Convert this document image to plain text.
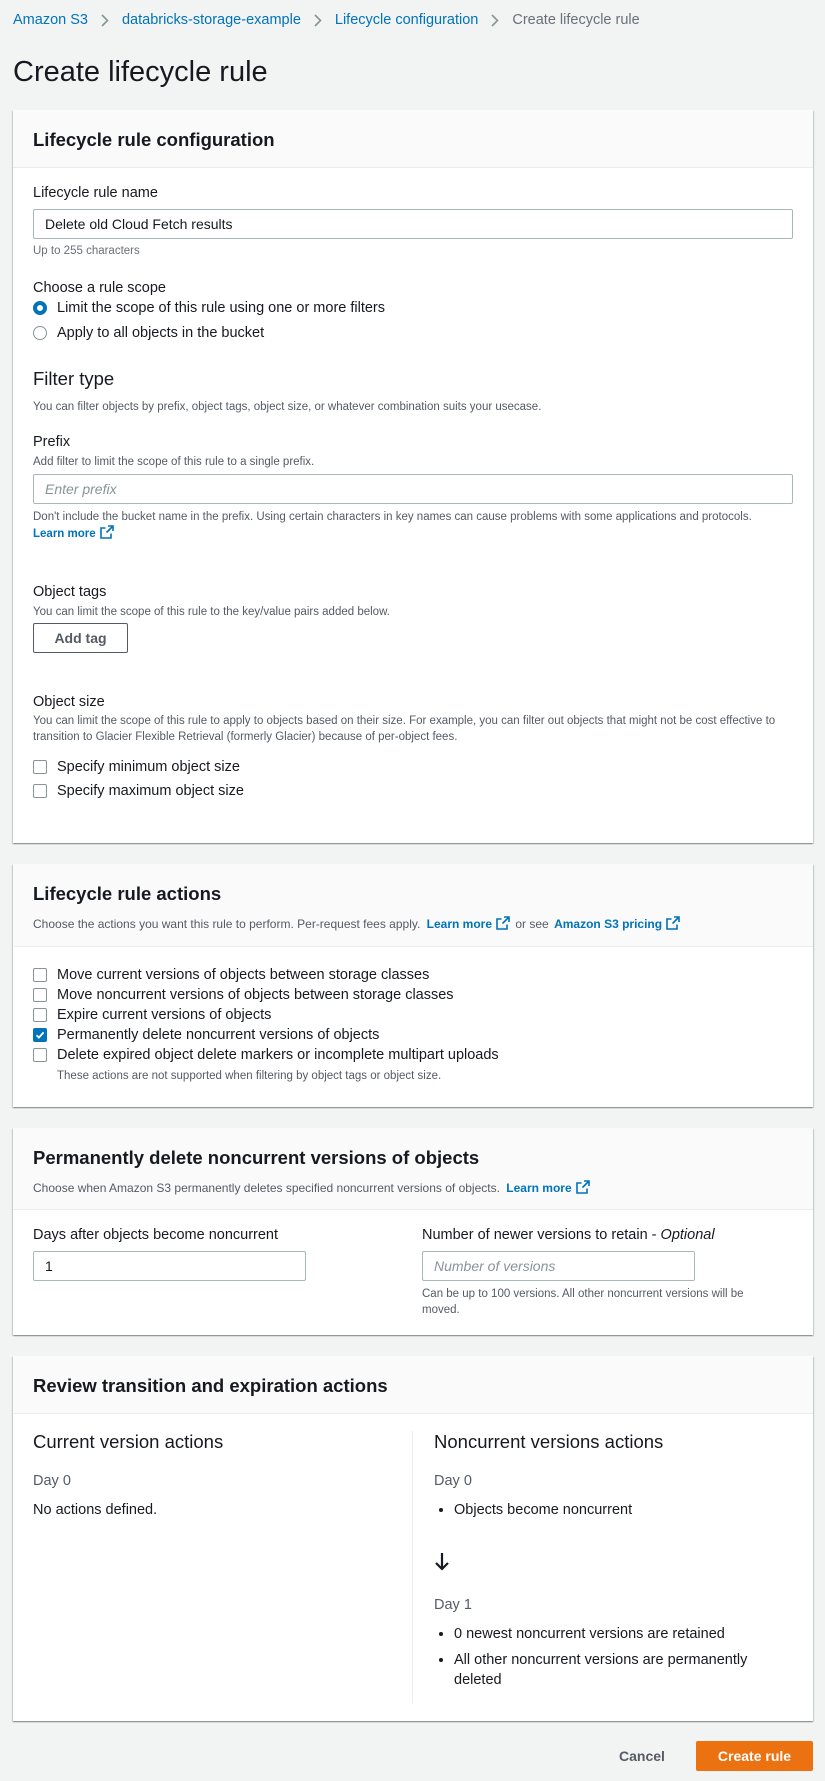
Amazon S3 databricks-storage-example Lifecycle configuration Create lifecycle rule
Create lifecycle rule
Lifecycle rule configuration
Lifecycle rule name
Delete old Cloud Fetch results
Up to 255 characters
Choose a rule scope
Limit the scope of this rule using one or more filters
Apply to all objects in the bucket
Filter type
You can filter objects by prefix, object tags, object size, or whatever combination suits your usecase.
Prefix
Add filter to limit the scope of this rule to a single prefix.
Enter prefix
Don't include the bucket name in the prefix. Using certain characters in key names can cause problems with some applications and protocols. Learn more
Object tags
You can limit the scope of this rule to the key/value pairs added below.
Add tag
Object size
You can limit the scope of this rule to apply to objects based on their size. For example, you can filter out objects that might not be cost effective to transition to Glacier Flexible Retrieval (formerly Glacier) because of per-object fees.
Specify minimum object size
Specify maximum object size
Lifecycle rule actions
Choose the actions you want this rule to perform. Per-request fees apply. Learn more or see Amazon S3 pricing
Move current versions of objects between storage classes
Move noncurrent versions of objects between storage classes
Expire current versions of objects
Permanently delete noncurrent versions of objects
Delete expired object delete markers or incomplete multipart uploads
These actions are not supported when filtering by object tags or object size.
Permanently delete noncurrent versions of objects
Choose when Amazon S3 permanently deletes specified noncurrent versions of objects. Learn more
Days after objects become noncurrent
1
Number of newer versions to retain - Optional
Number of versions
Can be up to 100 versions. All other noncurrent versions will be moved.
Review transition and expiration actions
Current version actions
Day 0
No actions defined.
Noncurrent versions actions
Day 0
• Objects become noncurrent
Day 1
• 0 newest noncurrent versions are retained
• All other noncurrent versions are permanently deleted
Cancel	Create rule
